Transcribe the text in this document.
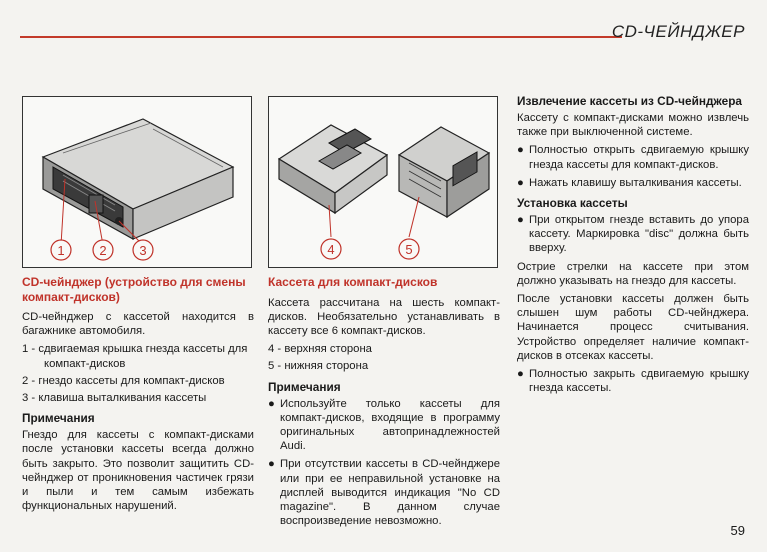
CD-ЧЕЙНДЖЕР
1	2	3
CD-чейнджер (устройство для смены компакт-дисков)

CD-чейнджер с кассетой находится в багажнике автомобиля.

1 - сдвигаемая крышка гнезда кассеты для компакт-дисков
2 - гнездо кассеты для компакт-дисков
3 - клавиша выталкивания кассеты
Примечания

Гнездо для кассеты с компакт-дисками после установки кассеты всегда должно быть закрыто. Это позволит защитить CD-чейнджер от проникновения частичек грязи и пыли и тем самым избежать функциональных нарушений.

4	5
Кассета для компакт-дисков

Кассета рассчитана на шесть компакт-дисков. Необязательно устанавливать в кассету все 6 компакт-дисков.

4 - верхняя сторона
5 - нижняя сторона
Примечания
● Используйте только кассеты для компакт-дисков, входящие в программу оригинальных автопринадлежностей Audi.
● При отсутствии кассеты в CD-чейнджере или при ее неправильной установке на дисплей выводится индикация "No CD magazine". В данном случае воспроизведение невозможно.
Извлечение кассеты из CD-чейнджера

Кассету с компакт-дисками можно извлечь также при выключенной системе.

● Полностью открыть сдвигаемую крышку гнезда кассеты для компакт-дисков.
● Нажать клавишу выталкивания кассеты.
Установка кассеты
● При открытом гнезде вставить до упора кассету. Маркировка "disc" должна быть вверху.

Острие стрелки на кассете при этом должно указывать на гнездо для кассеты.

После установки кассеты должен быть слышен шум работы CD-чейнджера. Начинается процесс считывания. Устройство определяет наличие компакт-дисков в отсеках кассеты.

● Полностью закрыть сдвигаемую крышку гнезда кассеты.
59
